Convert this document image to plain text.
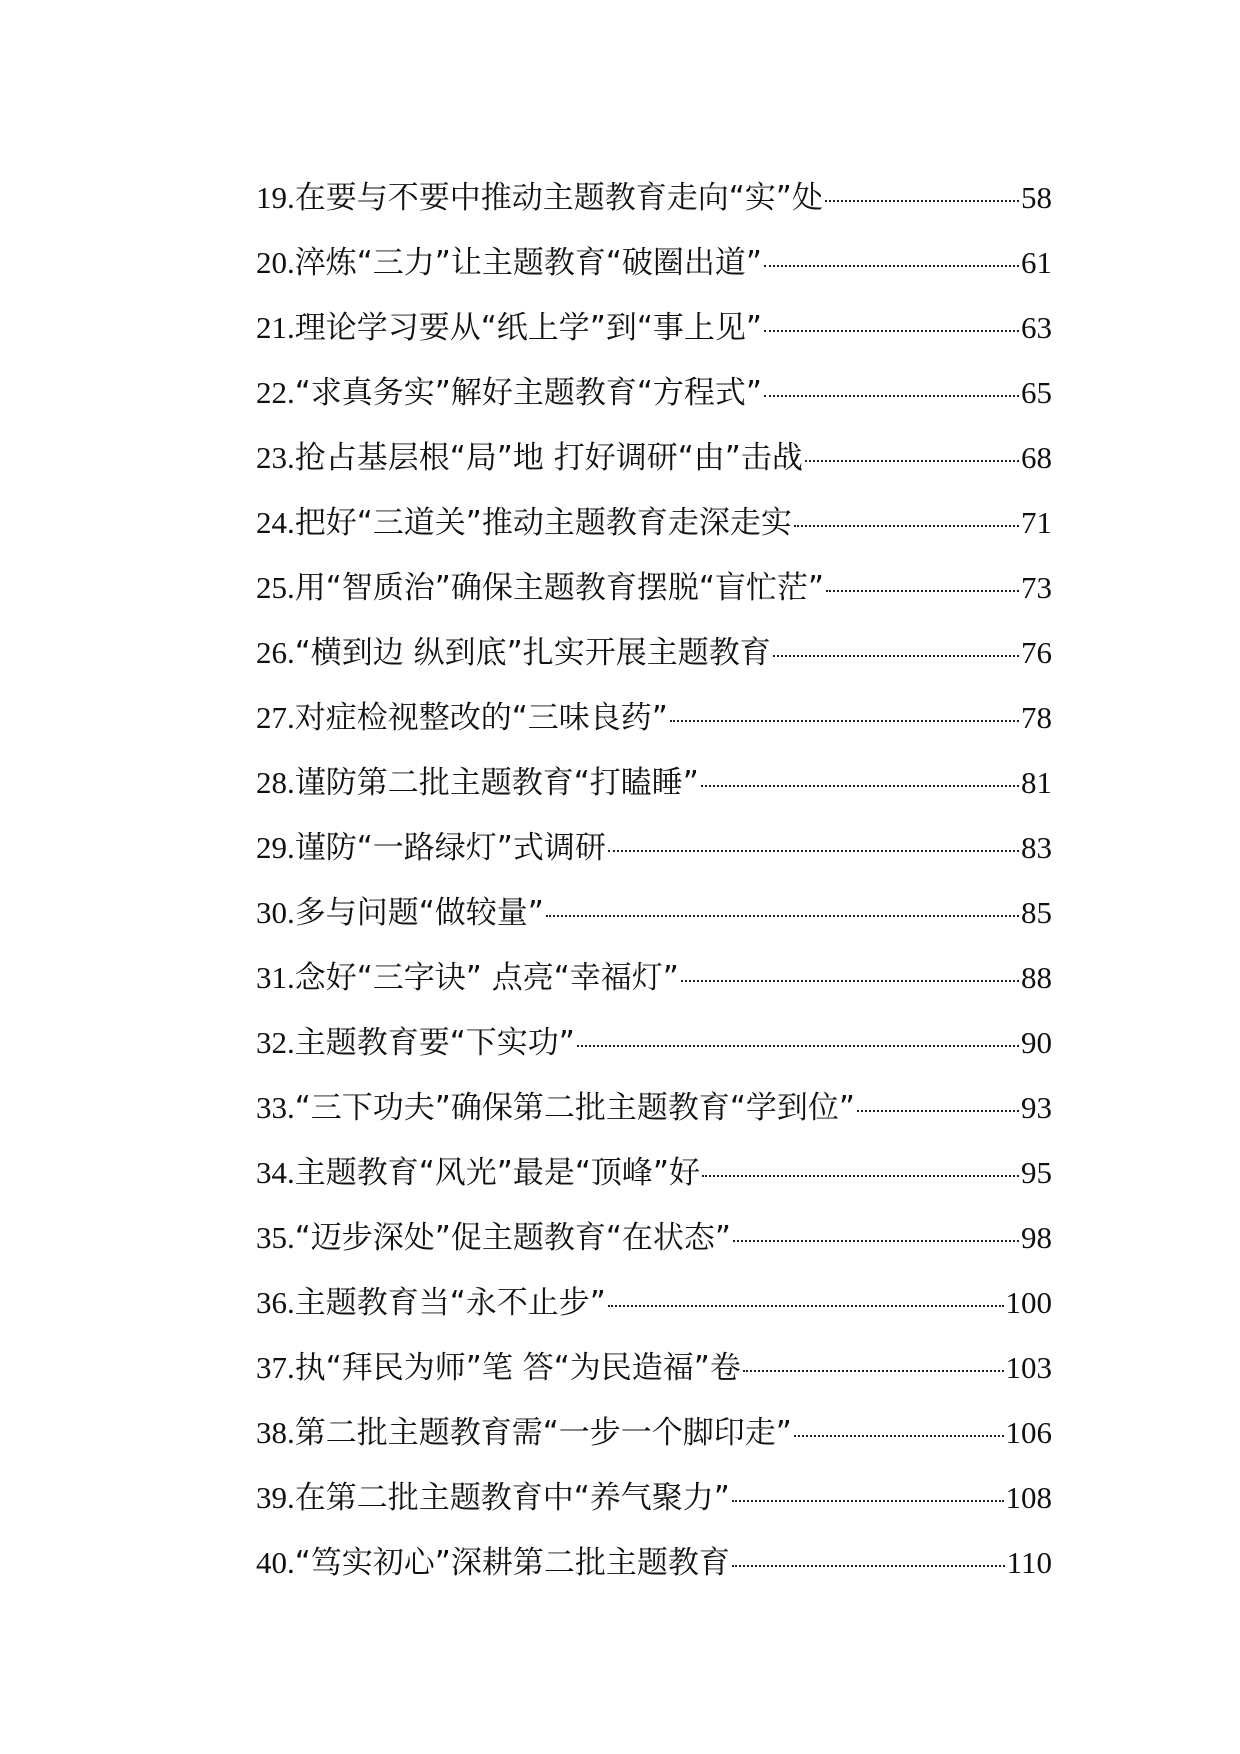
19. 在要与不要中推动主题教育走向“实”处	58
20. 淬炼“三力”让主题教育“破圈出道”	61
21. 理论学习要从“纸上学”到“事上见”	63
22. “求真务实”解好主题教育“方程式”	65
23. 抢占基层根“局”地 打好调研“由”击战	68
24. 把好“三道关”推动主题教育走深走实	71
25. 用“智质治”确保主题教育摆脱“盲忙茫”	73
26. “横到边 纵到底”扎实开展主题教育	76
27. 对症检视整改的“三味良药”	78
28. 谨防第二批主题教育“打瞌睡”	81
29. 谨防“一路绿灯”式调研	83
30. 多与问题“做较量”	85
31. 念好“三字诀” 点亮“幸福灯”	88
32. 主题教育要“下实功”	90
33. “三下功夫”确保第二批主题教育“学到位”	93
34. 主题教育“风光”最是“顶峰”好	95
35. “迈步深处”促主题教育“在状态”	98
36. 主题教育当“永不止步”	100
37. 执“拜民为师”笔 答“为民造福”卷	103
38. 第二批主题教育需“一步一个脚印走”	106
39. 在第二批主题教育中“养气聚力”	108
40. “笃实初心”深耕第二批主题教育	110
